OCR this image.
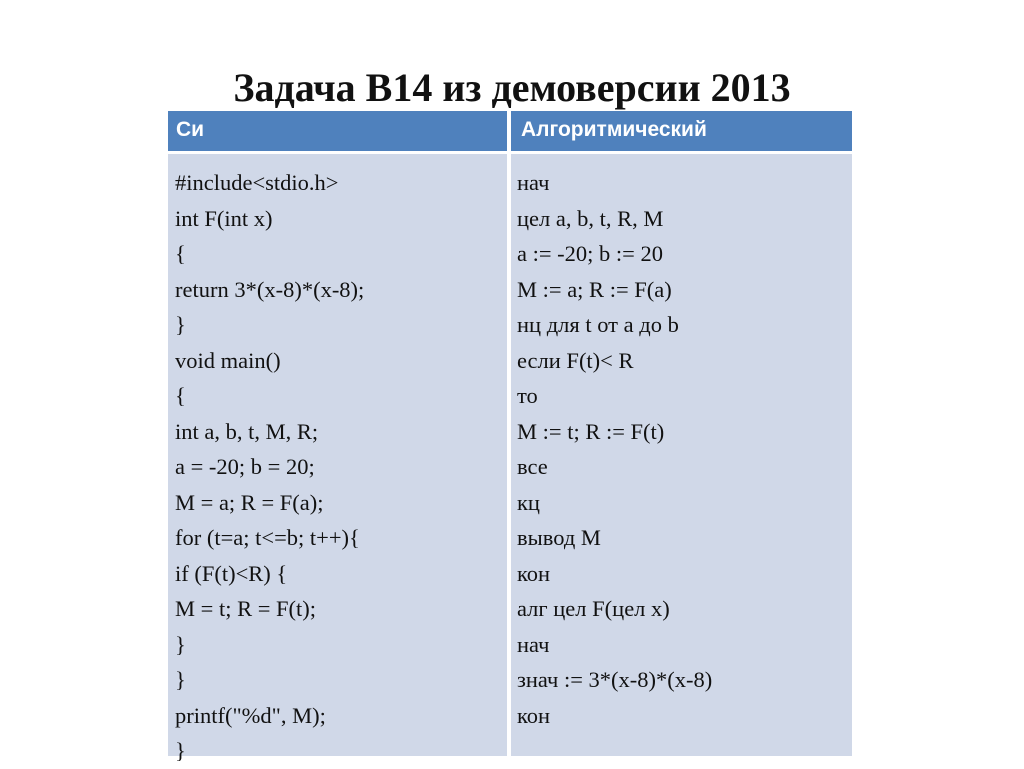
Задача B14 из демоверсии 2013
Си	Алгоритмический
#include<stdio.h>
int F(int x)
{
return 3*(x-8)*(x-8);
}
void main()
{
int a, b, t, M, R;
a = -20; b = 20;
M = a; R = F(a);
for (t=a; t<=b; t++){
if (F(t)<R) {
M = t; R = F(t);
}
}
printf("%d", M);
}
нач
цел a, b, t, R, M
a := -20; b := 20
M := a; R := F(a)
нц для t от a до b
если F(t)< R
то
M := t; R := F(t)
все
кц
вывод M
кон
алг цел F(цел x)
нач
знач := 3*(x-8)*(x-8)
кон
